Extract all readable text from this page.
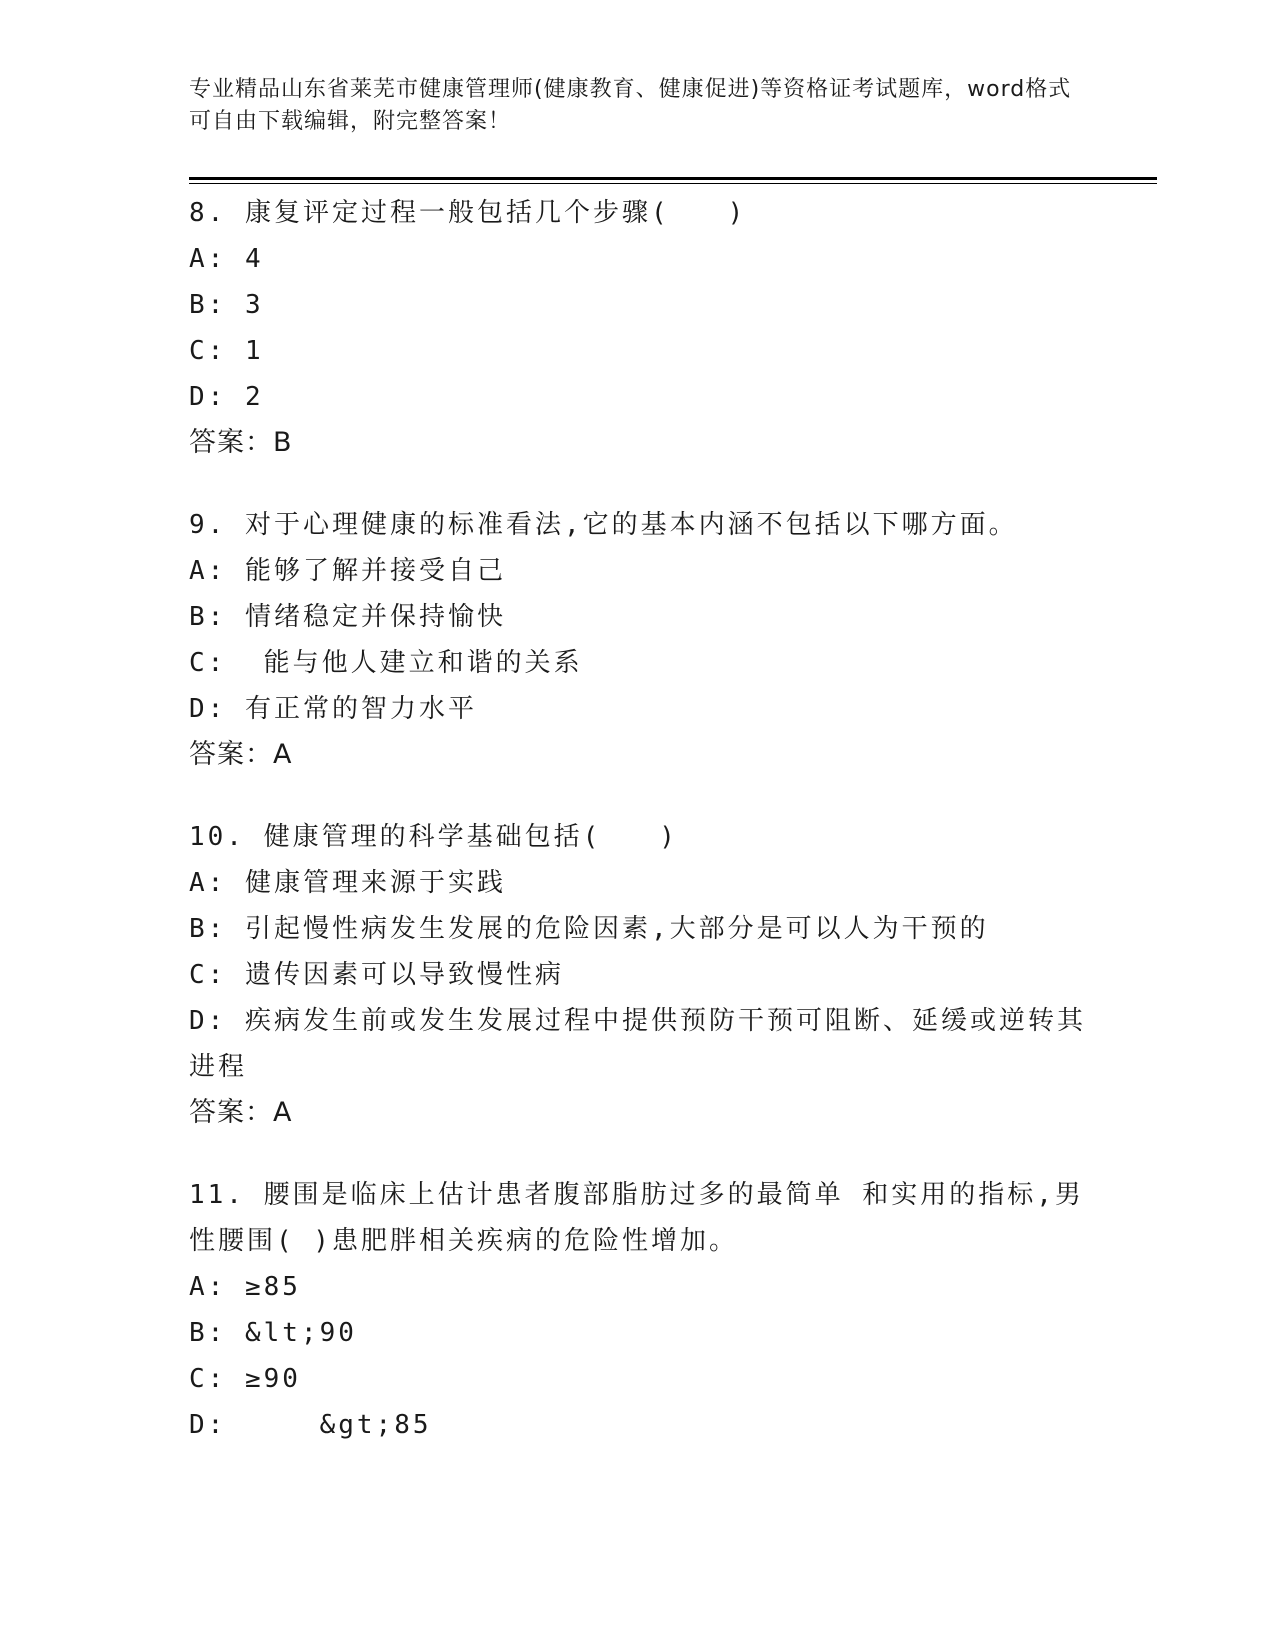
专业精品山东省莱芜市健康管理师(健康教育、健康促进)等资格证考试题库，word格式可自由下载编辑，附完整答案！
8. 康复评定过程一般包括几个步骤(　　)
A: 4
B: 3
C: 1
D: 2
答案：B
9. 对于心理健康的标准看法,它的基本内涵不包括以下哪方面。
A: 能够了解并接受自己
B: 情绪稳定并保持愉快
C:  能与他人建立和谐的关系
D: 有正常的智力水平
答案：A
10. 健康管理的科学基础包括(　　)
A: 健康管理来源于实践
B: 引起慢性病发生发展的危险因素,大部分是可以人为干预的
C: 遗传因素可以导致慢性病
D: 疾病发生前或发生发展过程中提供预防干预可阻断、延缓或逆转其进程
答案：A
11. 腰围是临床上估计患者腹部脂肪过多的最简单 和实用的指标,男性腰围( )患肥胖相关疾病的危险性增加。
A: ≥85
B: &lt;90
C: ≥90
D:     &gt;85
